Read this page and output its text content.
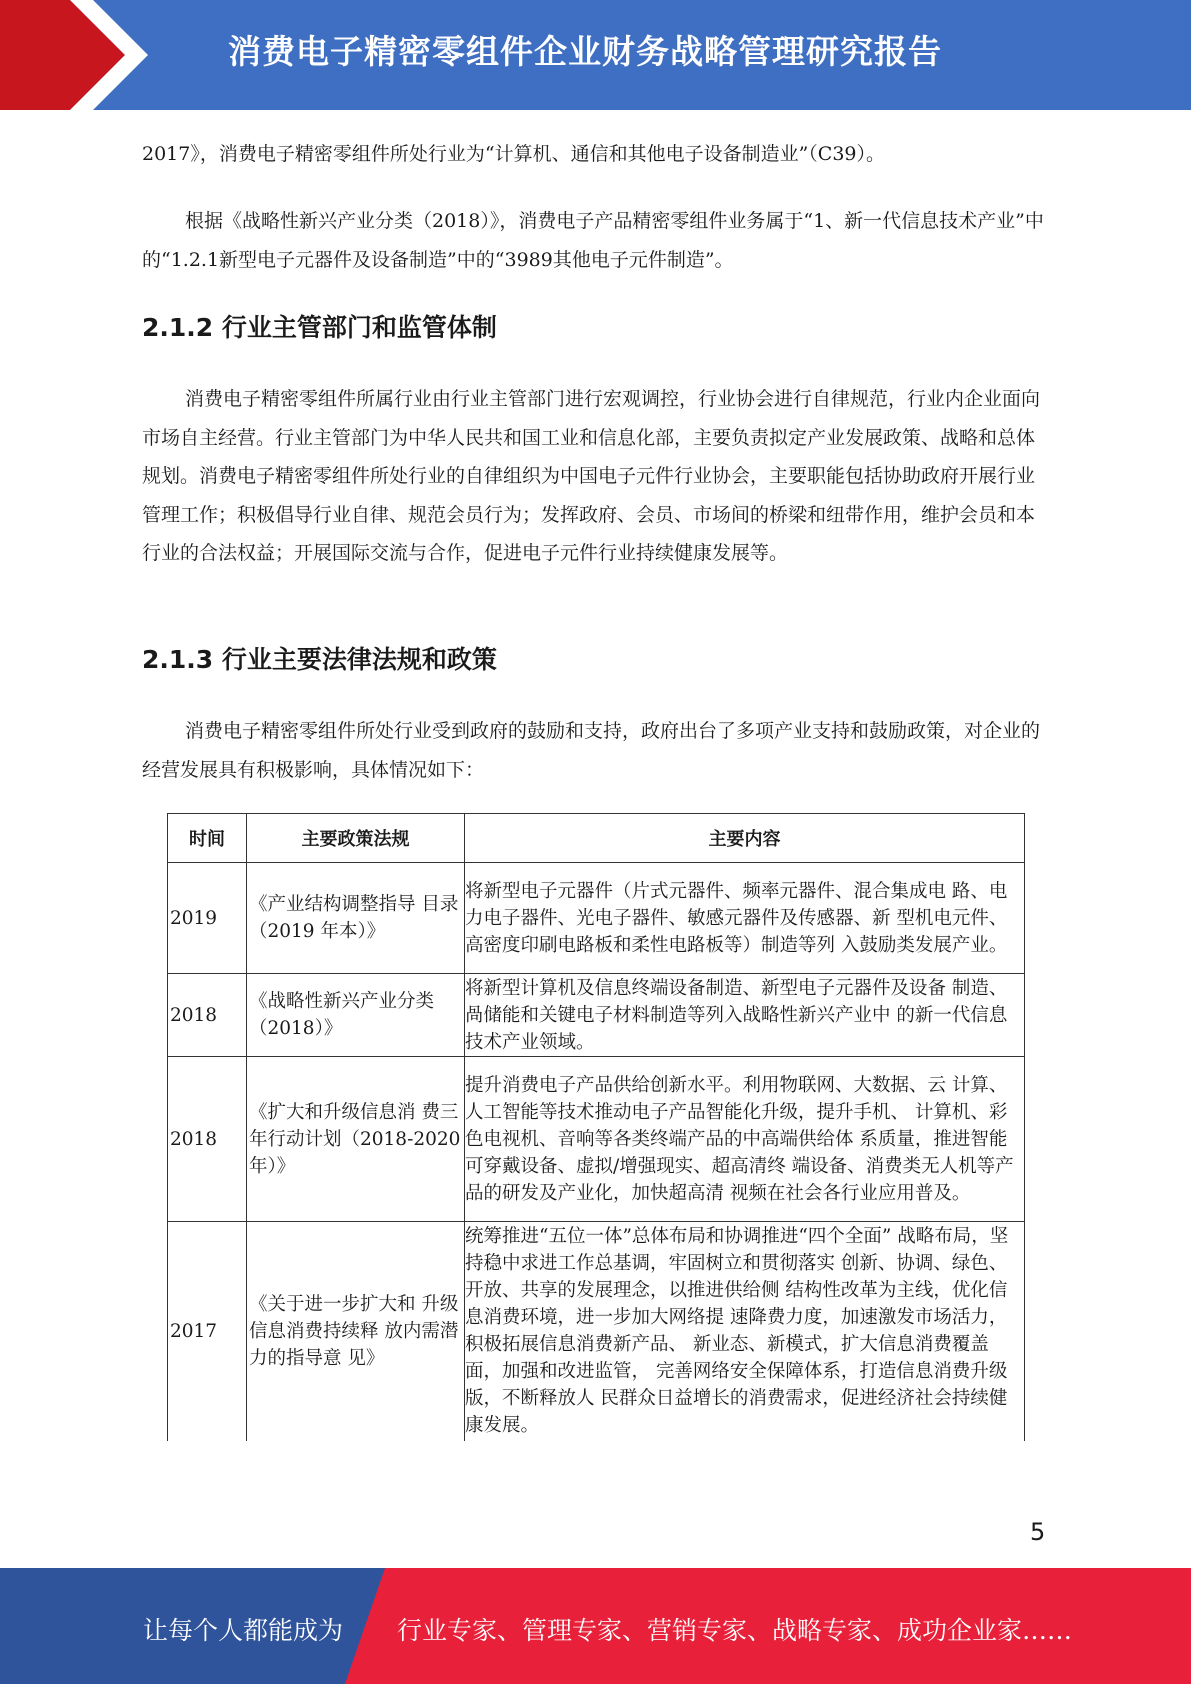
消费电子精密零组件企业财务战略管理研究报告

2017》，消费电子精密零组件所处行业为“计算机、通信和其他电子设备制造业”（C39）。

根据《战略性新兴产业分类（2018）》，消费电子产品精密零组件业务属于“1、新一代信息技术产业”中的“1.2.1新型电子元器件及设备制造”中的“3989其他电子元件制造”。

2.1.2 行业主管部门和监管体制

消费电子精密零组件所属行业由行业主管部门进行宏观调控，行业协会进行自律规范，行业内企业面向市场自主经营。行业主管部门为中华人民共和国工业和信息化部，主要负责拟定产业发展政策、战略和总体规划。消费电子精密零组件所处行业的自律组织为中国电子元件行业协会，主要职能包括协助政府开展行业管理工作；积极倡导行业自律、规范会员行为；发挥政府、会员、市场间的桥梁和纽带作用，维护会员和本行业的合法权益；开展国际交流与合作，促进电子元件行业持续健康发展等。

2.1.3 行业主要法律法规和政策

消费电子精密零组件所处行业受到政府的鼓励和支持，政府出台了多项产业支持和鼓励政策，对企业的经营发展具有积极影响，具体情况如下：

时间	主要政策法规	主要内容
2019	《产业结构调整指导 目录（2019 年本）》	将新型电子元器件（片式元器件、频率元器件、混合集成电 路、电力电子器件、光电子器件、敏感元器件及传感器、新 型机电元件、高密度印刷电路板和柔性电路板等）制造等列 入鼓励类发展产业。
2018	《战略性新兴产业分类（2018）》	将新型计算机及信息终端设备制造、新型电子元器件及设备 制造、咼储能和关键电子材料制造等列入战略性新兴产业中 的新一代信息技术产业领域。
2018	《扩大和升级信息消 费三年行动计划（2018-2020 年）》	提升消费电子产品供给创新水平。利用物联网、大数据、云 计算、人工智能等技术推动电子产品智能化升级，提升手机、 计算机、彩色电视机、音响等各类终端产品的中高端供给体 系质量，推进智能可穿戴设备、虚拟/增强现实、超高清终 端设备、消费类无人机等产品的研发及产业化，加快超高清 视频在社会各行业应用普及。
2017	《关于进一步扩大和 升级信息消费持续释 放内需潜力的指导意 见》	统筹推进“五位一体”总体布局和协调推进“四个全面” 战略布局，坚持稳中求进工作总基调，牢固树立和贯彻落实 创新、协调、绿色、开放、共享的发展理念，以推进供给侧 结构性改革为主线，优化信息消费环境，进一步加大网络提 速降费力度，加速激发市场活力，积极拓展信息消费新产品、 新业态、新模式，扩大信息消费覆盖面，加强和改进监管， 完善网络安全保障体系，打造信息消费升级版，不断释放人 民群众日益增长的消费需求，促进经济社会持续健康发展。
5
让每个人都能成为 行业专家、管理专家、营销专家、战略专家、成功企业家……
